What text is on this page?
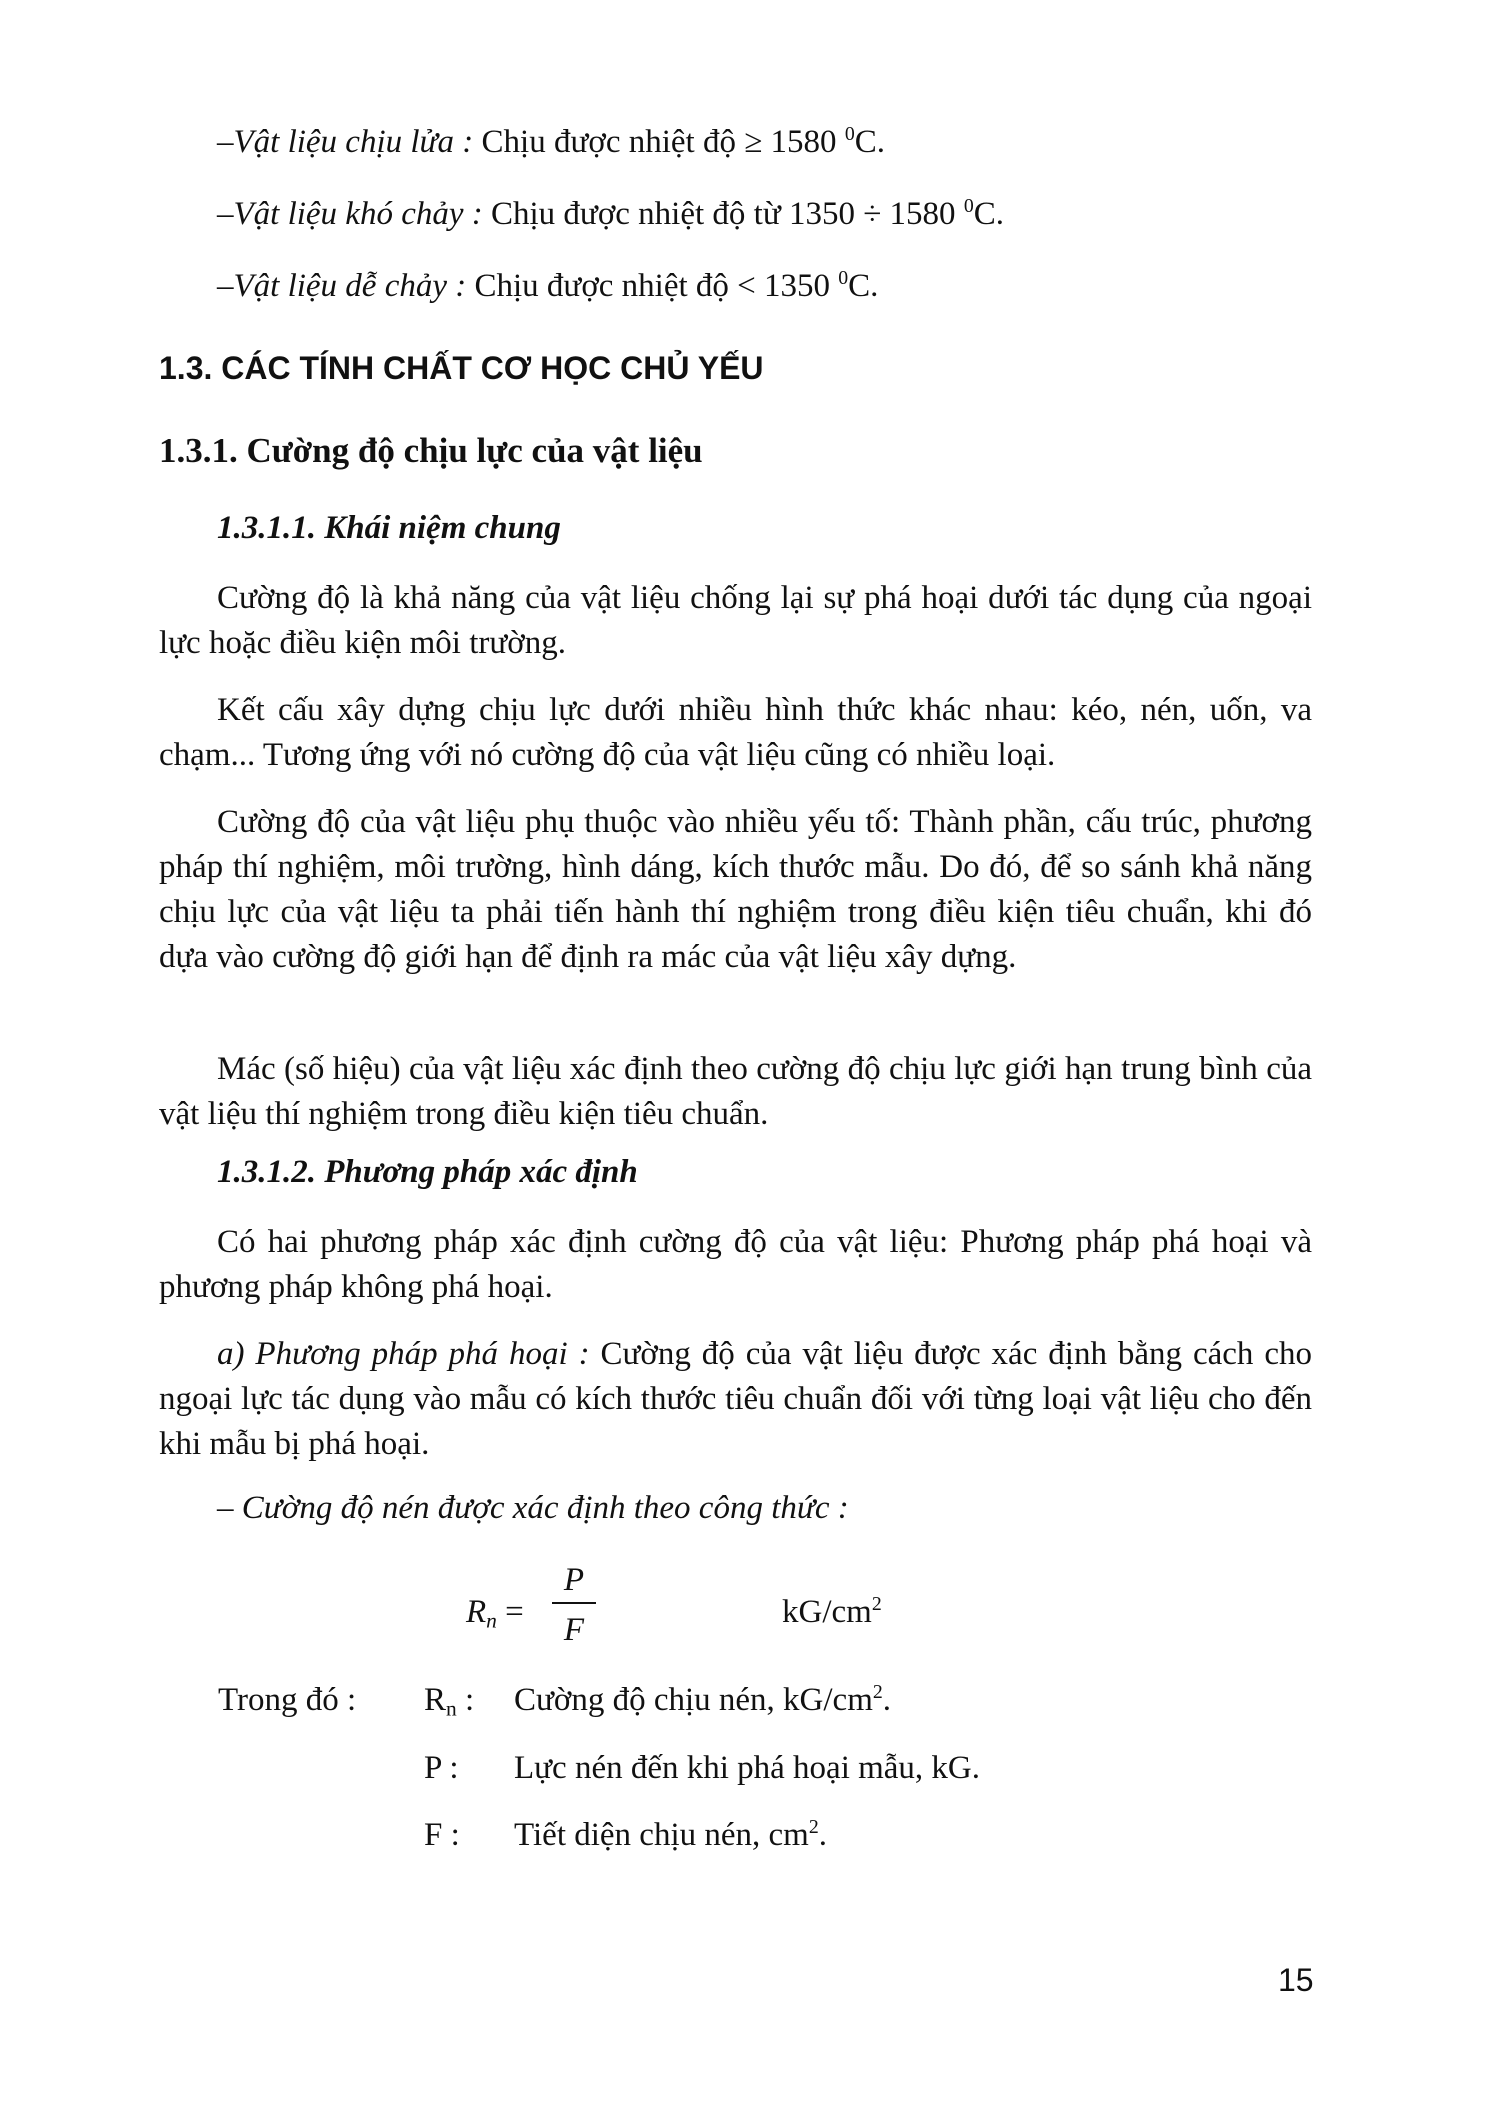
–Vật liệu chịu lửa : Chịu được nhiệt độ ≥ 1580 $^0$C.
–Vật liệu khó chảy : Chịu được nhiệt độ từ 1350 ÷ 1580 $^0$C.
–Vật liệu dễ chảy : Chịu được nhiệt độ < 1350 $^0$C.
1.3. CÁC TÍNH CHẤT CƠ HỌC CHỦ YẾU
1.3.1. Cường độ chịu lực của vật liệu
1.3.1.1. Khái niệm chung
Cường độ là khả năng của vật liệu chống lại sự phá hoại dưới tác dụng của ngoại lực hoặc điều kiện môi trường.
Kết cấu xây dựng chịu lực dưới nhiều hình thức khác nhau: kéo, nén, uốn, va chạm... Tương ứng với nó cường độ của vật liệu cũng có nhiều loại.
Cường độ của vật liệu phụ thuộc vào nhiều yếu tố: Thành phần, cấu trúc, phương pháp thí nghiệm, môi trường, hình dáng, kích thước mẫu. Do đó, để so sánh khả năng chịu lực của vật liệu ta phải tiến hành thí nghiệm trong điều kiện tiêu chuẩn, khi đó dựa vào cường độ giới hạn để định ra mác của vật liệu xây dựng.
Mác (số hiệu) của vật liệu xác định theo cường độ chịu lực giới hạn trung bình của vật liệu thí nghiệm trong điều kiện tiêu chuẩn.
1.3.1.2. Phương pháp xác định
Có hai phương pháp xác định cường độ của vật liệu: Phương pháp phá hoại và phương pháp không phá hoại.
a) Phương pháp phá hoại : Cường độ của vật liệu được xác định bằng cách cho ngoại lực tác dụng vào mẫu có kích thước tiêu chuẩn đối với từng loại vật liệu cho đến khi mẫu bị phá hoại.
– Cường độ nén được xác định theo công thức :
$R_n$ =
P
F	$kG/cm^2$
Trong đó : $R_n$ : Cường độ chịu nén, $kG/cm^2$.
P : Lực nén đến khi phá hoại mẫu, kG.
F : Tiết diện chịu nén, $cm^2$.
15
